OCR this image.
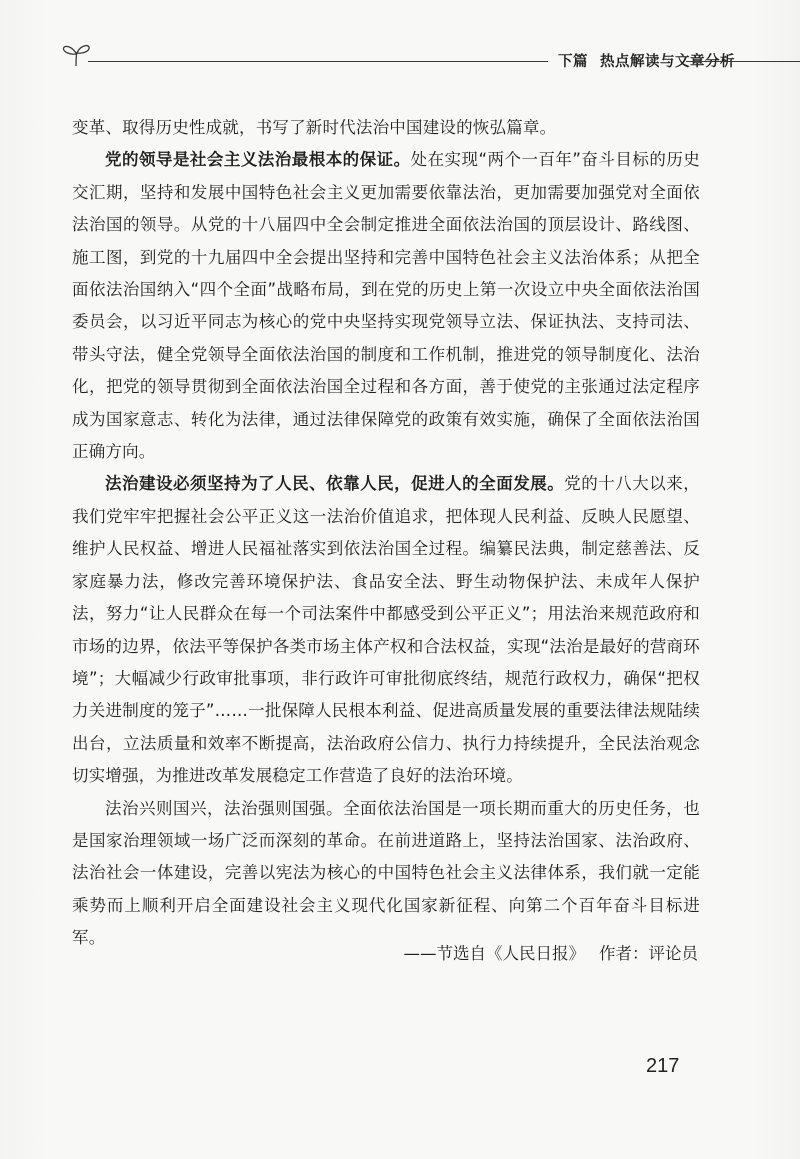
下篇 热点解读与文章分析

变革、取得历史性成就，书写了新时代法治中国建设的恢弘篇章。

党的领导是社会主义法治最根本的保证。处在实现“两个一百年”奋斗目标的历史交汇期，坚持和发展中国特色社会主义更加需要依靠法治，更加需要加强党对全面依法治国的领导。从党的十八届四中全会制定推进全面依法治国的顶层设计、路线图、施工图，到党的十九届四中全会提出坚持和完善中国特色社会主义法治体系；从把全面依法治国纳入“四个全面”战略布局，到在党的历史上第一次设立中央全面依法治国委员会，以习近平同志为核心的党中央坚持实现党领导立法、保证执法、支持司法、带头守法，健全党领导全面依法治国的制度和工作机制，推进党的领导制度化、法治化，把党的领导贯彻到全面依法治国全过程和各方面，善于使党的主张通过法定程序成为国家意志、转化为法律，通过法律保障党的政策有效实施，确保了全面依法治国正确方向。

法治建设必须坚持为了人民、依靠人民，促进人的全面发展。党的十八大以来，我们党牢牢把握社会公平正义这一法治价值追求，把体现人民利益、反映人民愿望、维护人民权益、增进人民福祉落实到依法治国全过程。编纂民法典，制定慈善法、反家庭暴力法，修改完善环境保护法、食品安全法、野生动物保护法、未成年人保护法，努力“让人民群众在每一个司法案件中都感受到公平正义”；用法治来规范政府和市场的边界，依法平等保护各类市场主体产权和合法权益，实现“法治是最好的营商环境”；大幅减少行政审批事项，非行政许可审批彻底终结，规范行政权力，确保“把权力关进制度的笼子”……一批保障人民根本利益、促进高质量发展的重要法律法规陆续出台，立法质量和效率不断提高，法治政府公信力、执行力持续提升，全民法治观念切实增强，为推进改革发展稳定工作营造了良好的法治环境。

法治兴则国兴，法治强则国强。全面依法治国是一项长期而重大的历史任务，也是国家治理领域一场广泛而深刻的革命。在前进道路上，坚持法治国家、法治政府、法治社会一体建设，完善以宪法为核心的中国特色社会主义法律体系，我们就一定能乘势而上顺利开启全面建设社会主义现代化国家新征程、向第二个百年奋斗目标进军。

——节选自《人民日报》 作者：评论员
217
